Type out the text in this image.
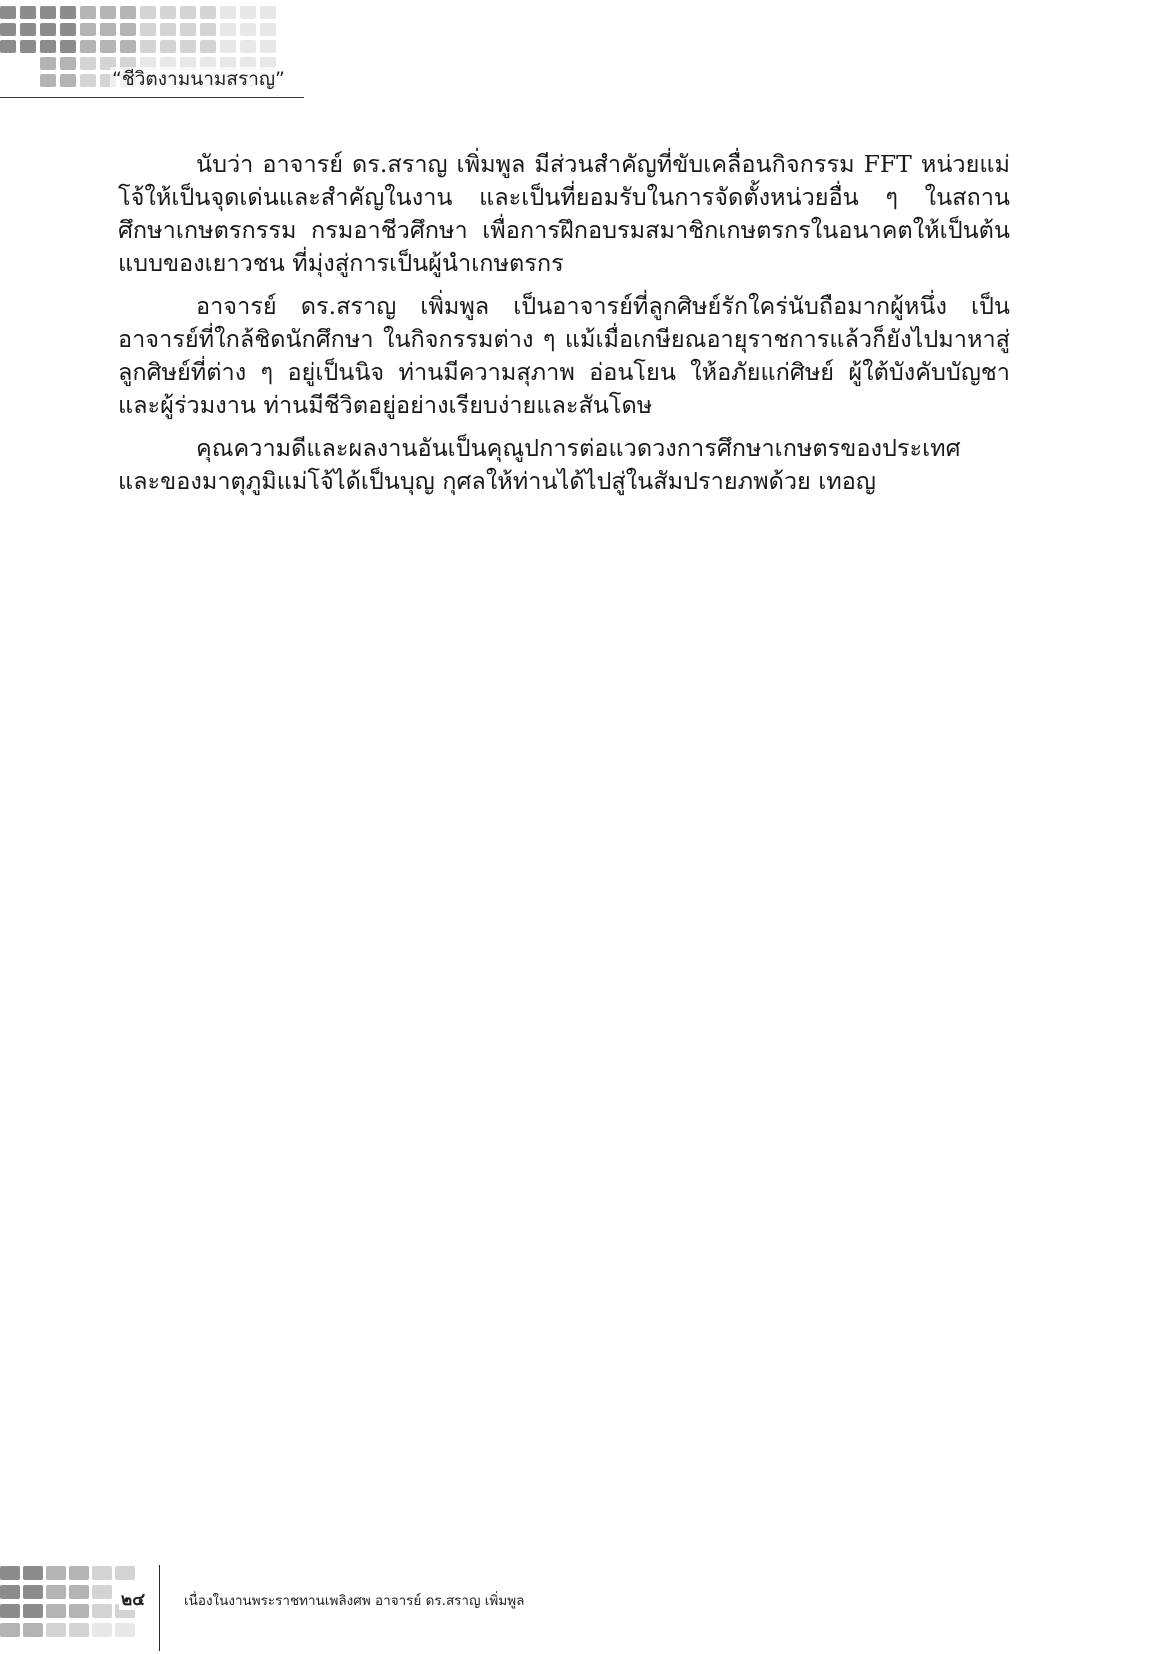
“ชีวิตงามนามสราญ”

นับว่า อาจารย์ ดร.สราญ เพิ่มพูล มีส่วนสำคัญที่ขับเคลื่อนกิจกรรม FFT หน่วยแม่โจ้ให้เป็นจุดเด่นและสำคัญในงาน และเป็นที่ยอมรับในการจัดตั้งหน่วยอื่น ๆ ในสถานศึกษาเกษตรกรรม กรมอาชีวศึกษา เพื่อการฝึกอบรมสมาชิกเกษตรกรในอนาคตให้เป็นต้นแบบของเยาวชน ที่มุ่งสู่การเป็นผู้นำเกษตรกร

อาจารย์ ดร.สราญ เพิ่มพูล เป็นอาจารย์ที่ลูกศิษย์รักใคร่นับถือมากผู้หนึ่ง เป็นอาจารย์ที่ใกล้ชิดนักศึกษา ในกิจกรรมต่าง ๆ แม้เมื่อเกษียณอายุราชการแล้วก็ยังไปมาหาสู่ลูกศิษย์ที่ต่าง ๆ อยู่เป็นนิจ ท่านมีความสุภาพ อ่อนโยน ให้อภัยแก่ศิษย์ ผู้ใต้บังคับบัญชาและผู้ร่วมงาน ท่านมีชีวิตอยู่อย่างเรียบง่ายและสันโดษ

คุณความดีและผลงานอันเป็นคุณูปการต่อแวดวงการศึกษาเกษตรของประเทศ และของมาตุภูมิแม่โจ้ได้เป็นบุญ กุศลให้ท่านได้ไปสู่ในสัมปรายภพด้วย เทอญ

๒๔	เนื่องในงานพระราชทานเพลิงศพ อาจารย์ ดร.สราญ เพิ่มพูล
